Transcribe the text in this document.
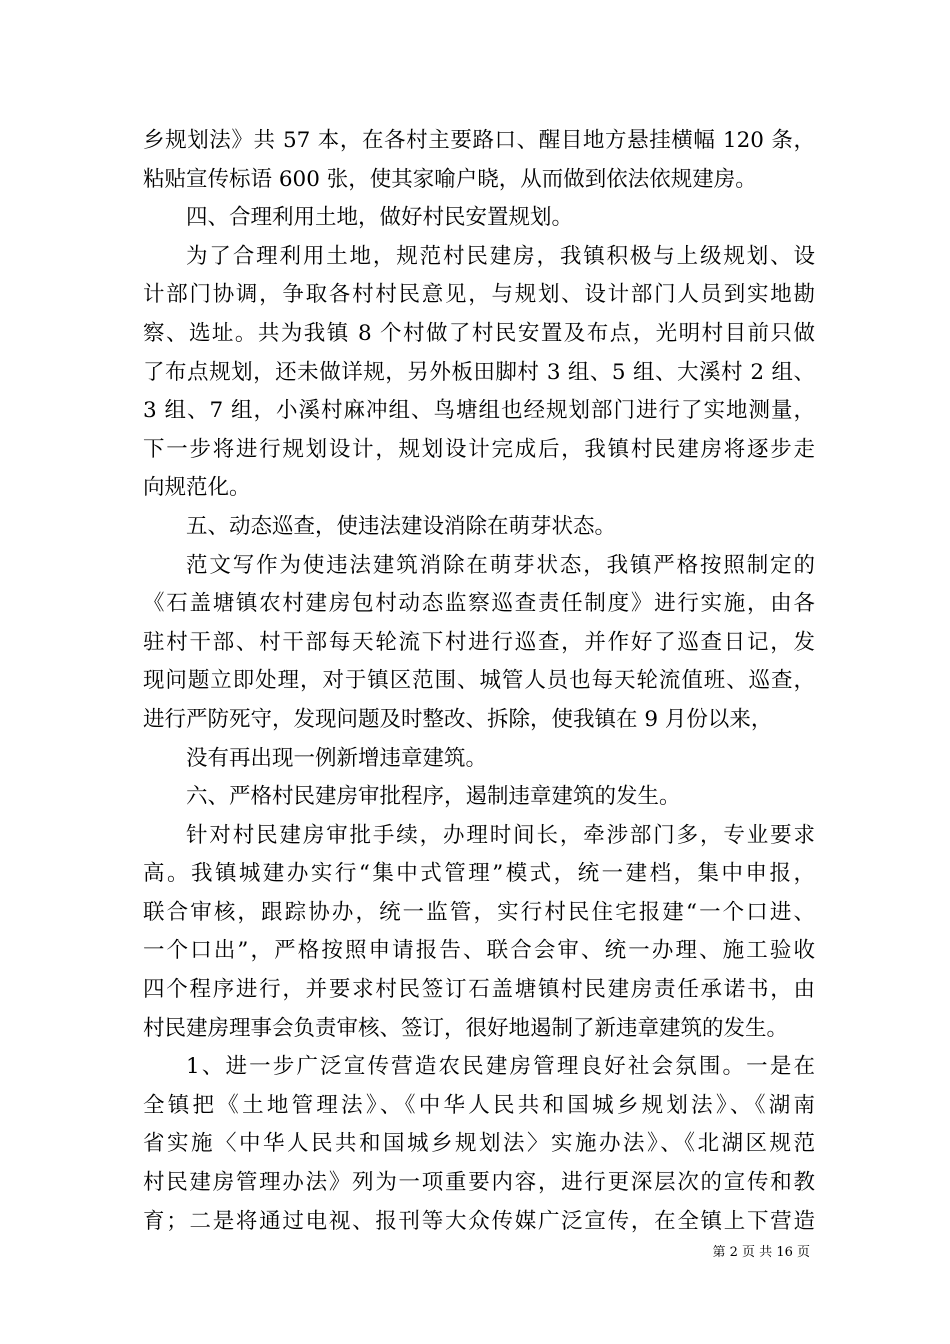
乡规划法》共 57 本，在各村主要路口、醒目地方悬挂横幅 120 条，
粘贴宣传标语 600 张，使其家喻户晓，从而做到依法依规建房。
四、合理利用土地，做好村民安置规划。
为了合理利用土地，规范村民建房，我镇积极与上级规划、设
计部门协调，争取各村村民意见，与规划、设计部门人员到实地勘
察、选址。共为我镇 8 个村做了村民安置及布点，光明村目前只做
了布点规划，还未做详规，另外板田脚村 3 组、5 组、大溪村 2 组、
3 组、7 组，小溪村麻冲组、鸟塘组也经规划部门进行了实地测量，
下一步将进行规划设计，规划设计完成后，我镇村民建房将逐步走
向规范化。
五、动态巡查，使违法建设消除在萌芽状态。
范文写作为使违法建筑消除在萌芽状态，我镇严格按照制定的
《石盖塘镇农村建房包村动态监察巡查责任制度》进行实施，由各
驻村干部、村干部每天轮流下村进行巡查，并作好了巡查日记，发
现问题立即处理，对于镇区范围、城管人员也每天轮流值班、巡查，
进行严防死守，发现问题及时整改、拆除，使我镇在 9 月份以来，
没有再出现一例新增违章建筑。
六、严格村民建房审批程序，遏制违章建筑的发生。
针对村民建房审批手续，办理时间长，牵涉部门多，专业要求
高。我镇城建办实行“集中式管理”模式，统一建档，集中申报，
联合审核，跟踪协办，统一监管，实行村民住宅报建“一个口进、
一个口出”，严格按照申请报告、联合会审、统一办理、施工验收
四个程序进行，并要求村民签订石盖塘镇村民建房责任承诺书，由
村民建房理事会负责审核、签订，很好地遏制了新违章建筑的发生。
1、进一步广泛宣传营造农民建房管理良好社会氛围。一是在
全镇把《土地管理法》、《中华人民共和国城乡规划法》、《湖南
省实施〈中华人民共和国城乡规划法〉实施办法》、《北湖区规范
村民建房管理办法》列为一项重要内容，进行更深层次的宣传和教
育；二是将通过电视、报刊等大众传媒广泛宣传，在全镇上下营造
第 2 页 共 16 页
